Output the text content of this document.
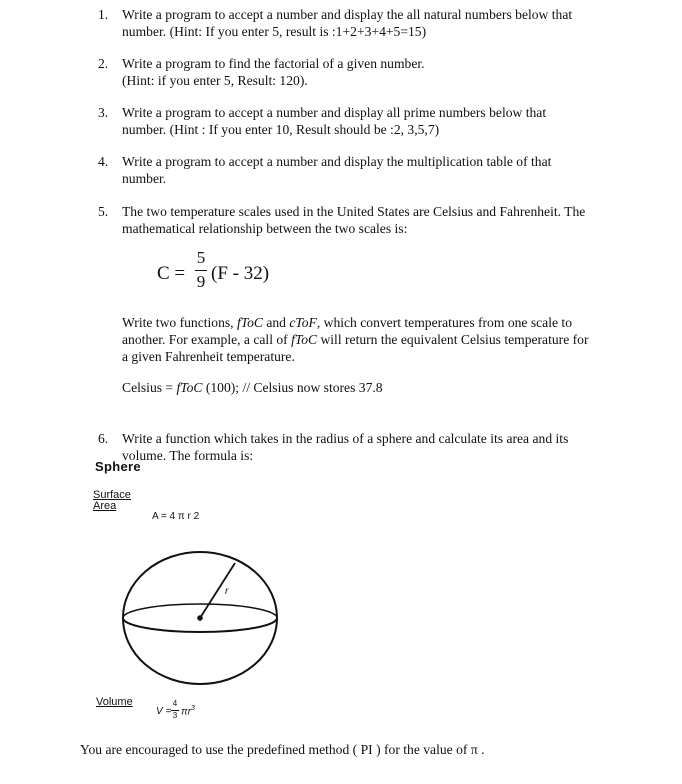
1.	Write a program to accept a number and display the all natural numbers below that
number. (Hint: If you enter 5, result is :1+2+3+4+5=15)
2.	Write a program to find the factorial of a given number.
(Hint: if you enter 5, Result: 120).
3.	Write a program to accept a number and display all prime numbers below that
number. (Hint : If you enter 10, Result should be :2, 3,5,7)
4.	Write a program to accept a number and display the multiplication table of that
number.
5.	The two temperature scales used in the United States are Celsius and Fahrenheit. The
mathematical relationship between the two scales is:
C =
5
9 (F - 32)
Write two functions, fToC and cToF, which convert temperatures from one scale to
another. For example, a call of fToC will return the equivalent Celsius temperature for
a given Fahrenheit temperature.
Celsius = fToC (100); // Celsius now stores 37.8
6.	Write a function which takes in the radius of a sphere and calculate its area and its
volume. The formula is:
Sphere
Surface
Area
A = 4 π r 2
r
Volume
V =
4
3 $\pi r^3$
You are encouraged to use the predefined method ( PI ) for the value of π .
